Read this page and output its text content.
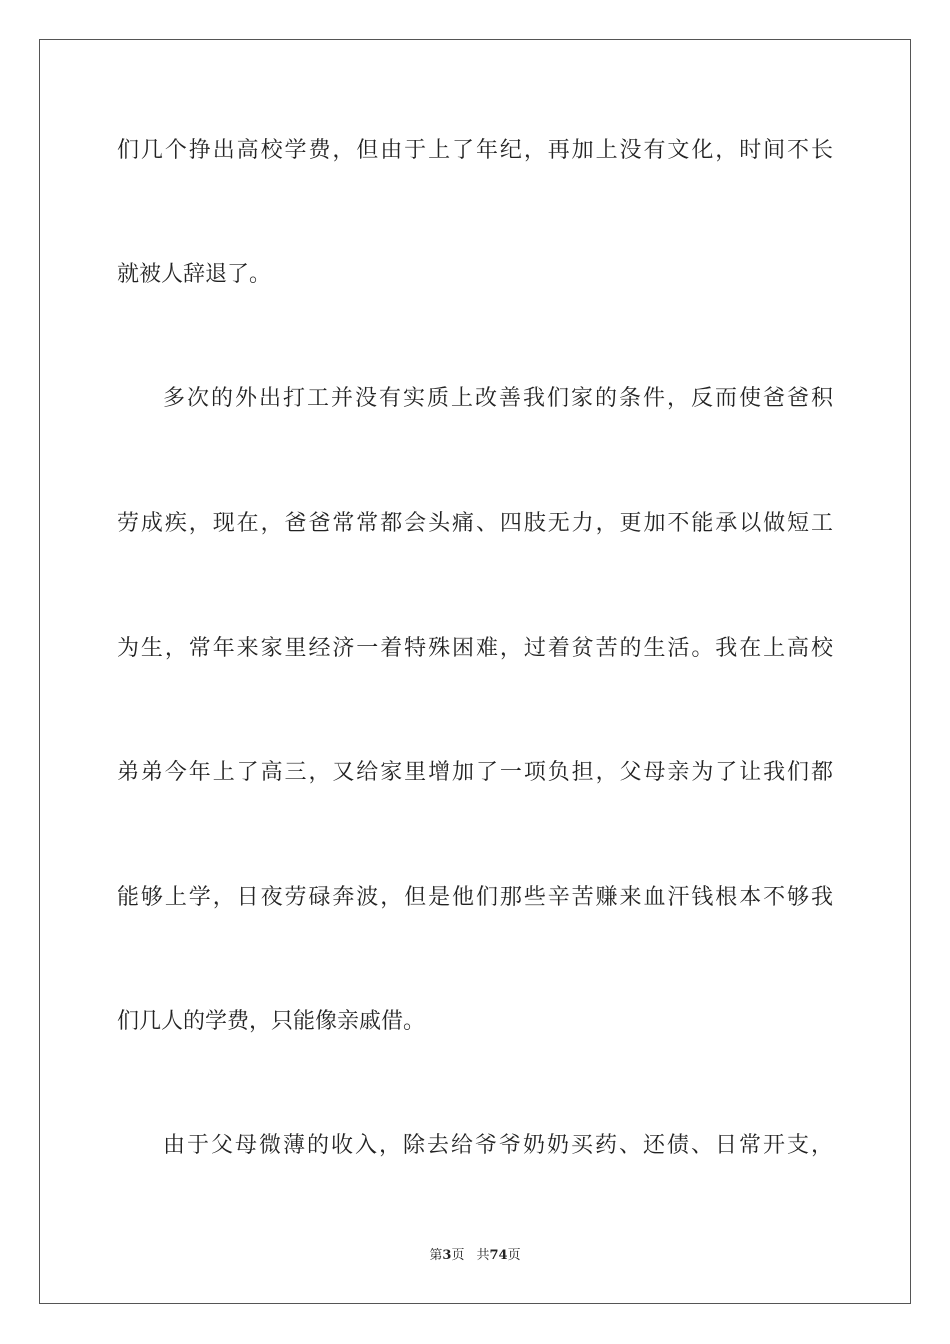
们几个挣出高校学费，但由于上了年纪，再加上没有文化，时间不长
就被人辞退了。
多次的外出打工并没有实质上改善我们家的条件，反而使爸爸积
劳成疾，现在，爸爸常常都会头痛、四肢无力，更加不能承以做短工
为生，常年来家里经济一着特殊困难，过着贫苦的生活。我在上高校
弟弟今年上了高三，又给家里增加了一项负担，父母亲为了让我们都
能够上学，日夜劳碌奔波，但是他们那些辛苦赚来血汗钱根本不够我
们几人的学费，只能像亲戚借。
由于父母微薄的收入，除去给爷爷奶奶买药、还债、日常开支，
第3页 共74页
